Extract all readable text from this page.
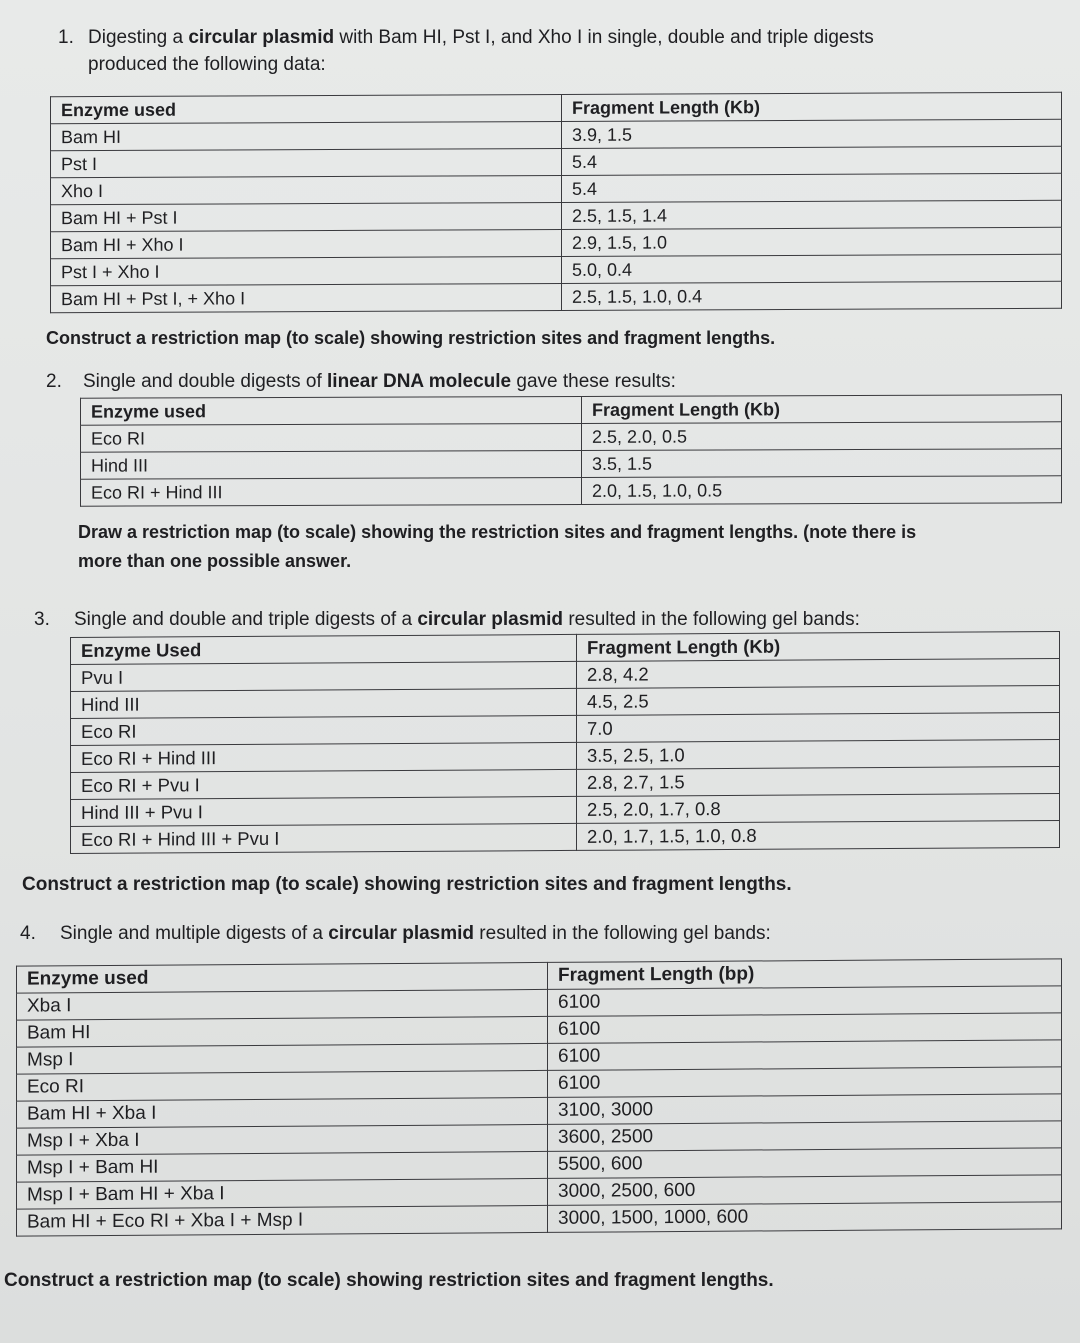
1. Digesting a circular plasmid with Bam HI, Pst I, and Xho I in single, double and triple digests
produced the following data:
Enzyme used	Fragment Length (Kb)
Bam HI	3.9, 1.5
Pst I	5.4
Xho I	5.4
Bam HI + Pst I	2.5, 1.5, 1.4
Bam HI + Xho I	2.9, 1.5, 1.0
Pst I + Xho I	5.0, 0.4
Bam HI + Pst I, + Xho I	2.5, 1.5, 1.0, 0.4
Construct a restriction map (to scale) showing restriction sites and fragment lengths.
2. Single and double digests of linear DNA molecule gave these results:
Enzyme used	Fragment Length (Kb)
Eco RI	2.5, 2.0, 0.5
Hind III	3.5, 1.5
Eco RI + Hind III	2.0, 1.5, 1.0, 0.5
Draw a restriction map (to scale) showing the restriction sites and fragment lengths. (note there is
more than one possible answer.
3. Single and double and triple digests of a circular plasmid resulted in the following gel bands:
Enzyme Used	Fragment Length (Kb)
Pvu I	2.8, 4.2
Hind III	4.5, 2.5
Eco RI	7.0
Eco RI + Hind III	3.5, 2.5, 1.0
Eco RI + Pvu I	2.8, 2.7, 1.5
Hind III + Pvu I	2.5, 2.0, 1.7, 0.8
Eco RI + Hind III + Pvu I	2.0, 1.7, 1.5, 1.0, 0.8
Construct a restriction map (to scale) showing restriction sites and fragment lengths.
4. Single and multiple digests of a circular plasmid resulted in the following gel bands:
Enzyme used	Fragment Length (bp)
Xba I	6100
Bam HI	6100
Msp I	6100
Eco RI	6100
Bam HI + Xba I	3100, 3000
Msp I + Xba I	3600, 2500
Msp I + Bam HI	5500, 600
Msp I + Bam HI + Xba I	3000, 2500, 600
Bam HI + Eco RI + Xba I + Msp I	3000, 1500, 1000, 600
Construct a restriction map (to scale) showing restriction sites and fragment lengths.
